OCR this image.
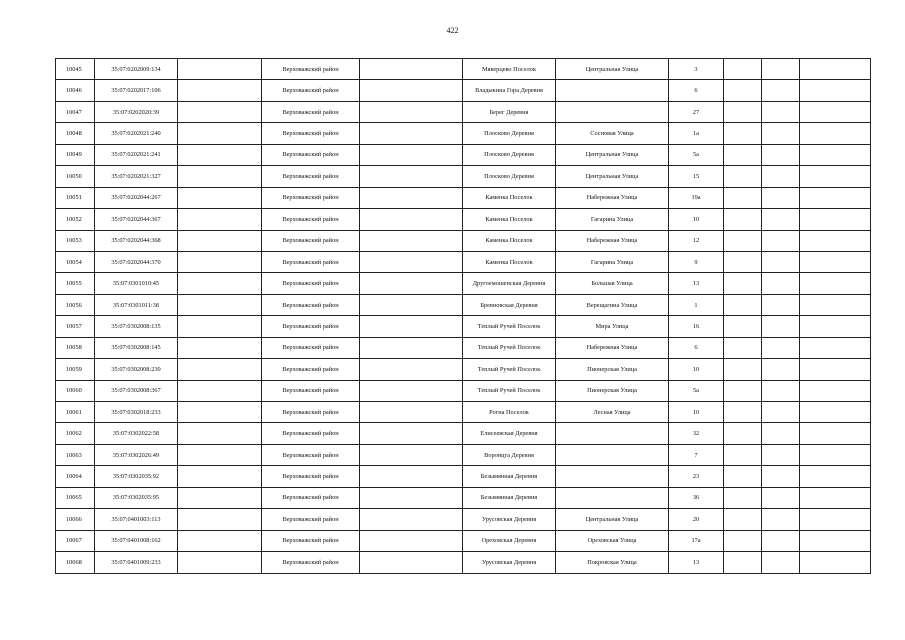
422
10045	35:07:0202009:134		Верховажский район		Мякерцево Поселок	Центральная Улица	3			
10046	35:07:0202017:106		Верховажский район		Владыкина Гора Деревня		6			
10047	35:07:0202020:39		Верховажский район		Берег Деревня		27			
10048	35:07:0202021:240		Верховажский район		Плосково Деревня	Сосновая Улица	1а			
10049	35:07:0202021:241		Верховажский район		Плосково Деревня	Центральная Улица	5а			
10050	35:07:0202021:327		Верховажский район		Плосково Деревня	Центральная Улица	15			
10051	35:07:0202044:267		Верховажский район		Каменка Поселок	Набережная Улица	19а			
10052	35:07:0202044:367		Верховажский район		Каменка Поселок	Гагарина Улица	10			
10053	35:07:0202044:368		Верховажский район		Каменка Поселок	Набережная Улица	12			
10054	35:07:0202044:370		Верховажский район		Каменка Поселок	Гагарина Улица	9			
10055	35:07:0301010:45		Верховажский район		Другоемошенская Деревня	Большая Улица	13			
10056	35:07:0301011:38		Верховажский район		Бревновская Деревня	Верещагина Улица	1			
10057	35:07:0302008:135		Верховажский район		Теплый Ручей Поселок	Мира Улица	16			
10058	35:07:0302008:145		Верховажский район		Теплый Ручей Поселок	Набережная Улица	6			
10059	35:07:0302008:230		Верховажский район		Теплый Ручей Поселок	Пионерская Улица	10			
10060	35:07:0302008:367		Верховажский район		Теплый Ручей Поселок	Пионерская Улица	5а			
10061	35:07:0302018:233		Верховажский район		Рогна Поселок	Лесная Улица	10			
10062	35:07:0302022:58		Верховажский район		Елисеевская Деревня		32			
10063	35:07:0302026:49		Верховажский район		Воронцга Деревня		7			
10064	35:07:0302035:92		Верховажский район		Безымянная Деревня		23			
10065	35:07:0302035:95		Верховажский район		Безымянная Деревня		36			
10066	35:07:0401003:113		Верховажский район		Урусовская Деревня	Центральная Улица	20			
10067	35:07:0401008:162		Верховажский район		Ореховская Деревня	Ореховская Улица	17а			
10068	35:07:0401009:233		Верховажский район		Урусовская Деревня	Покровская Улица	13			
